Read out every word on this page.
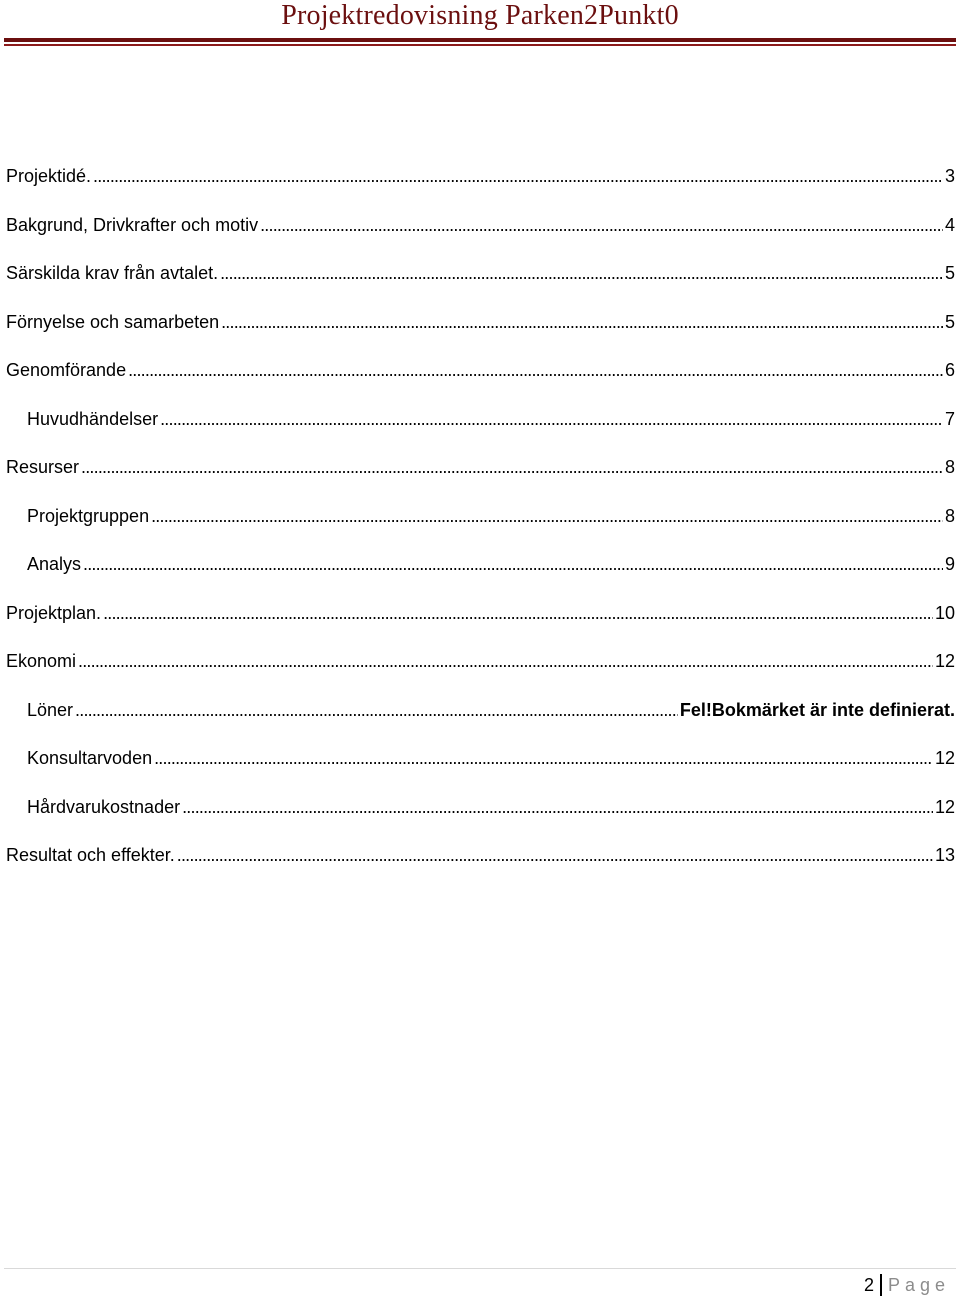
Projektredovisning Parken2Punkt0
Projektidé. . . .	3
Bakgrund, Drivkrafter och motiv . . .	4
Särskilda krav från avtalet. . . .	5
Förnyelse och samarbeten . . .	5
Genomförande . . .	6
Huvudhändelser . . .	7
Resurser . . .	8
Projektgruppen . . .	8
Analys . . .	9
Projektplan. . . .	10
Ekonomi . . .	12
Löner . . .	Fel!Bokmärket är inte definierat.
Konsultarvoden . . .	12
Hårdvarukostnader . . .	12
Resultat och effekter. . . .	13
2 Page
